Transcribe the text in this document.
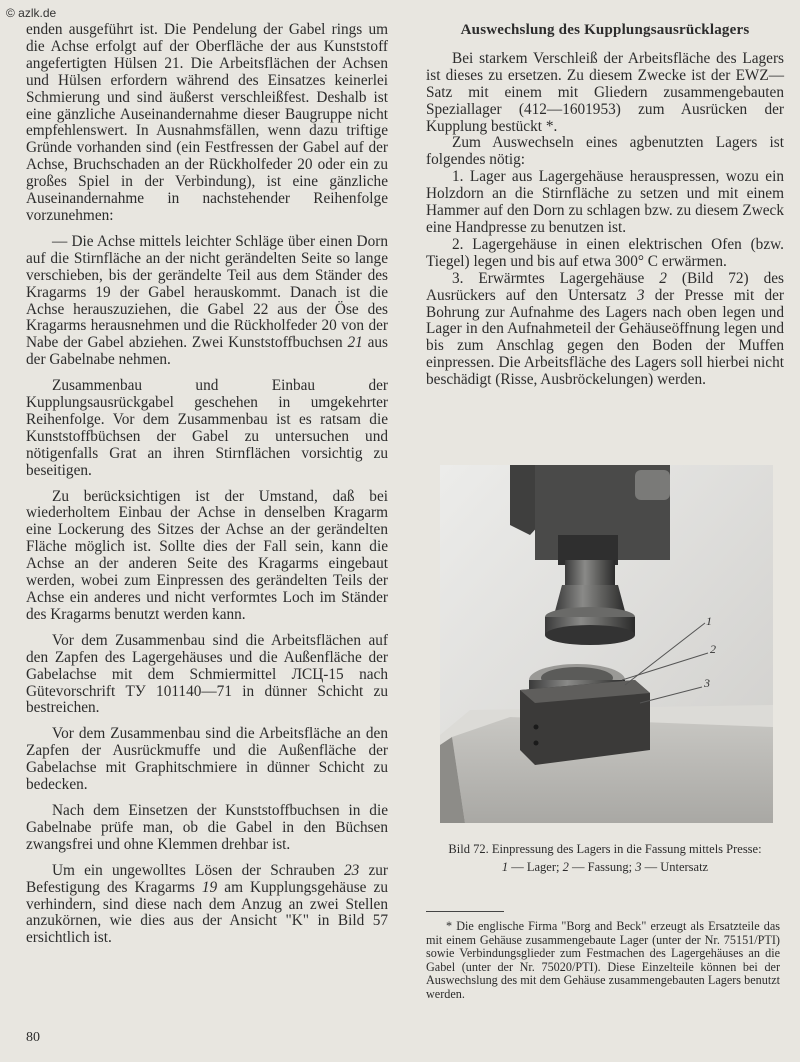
© azlk.de

enden ausgeführt ist. Die Pendelung der Gabel rings um die Achse erfolgt auf der Oberfläche der aus Kunststoff angefertigten Hülsen 21. Die Arbeitsflächen der Achsen und Hülsen erfordern während des Einsatzes keinerlei Schmierung und sind äußerst verschleißfest. Deshalb ist eine gänzliche Auseinandernahme dieser Baugruppe nicht empfehlenswert. In Ausnahmsfällen, wenn dazu triftige Gründe vorhanden sind (ein Festfressen der Gabel auf der Achse, Bruchschaden an der Rückholfeder 20 oder ein zu großes Spiel in der Verbindung), ist eine gänzliche Auseinandernahme in nachstehender Reihenfolge vorzunehmen:

— Die Achse mittels leichter Schläge über einen Dorn auf die Stirnfläche an der nicht gerändelten Seite so lange verschieben, bis der gerändelte Teil aus dem Ständer des Kragarms 19 der Gabel herauskommt. Danach ist die Achse herauszuziehen, die Gabel 22 aus der Öse des Kragarms herausnehmen und die Rückholfeder 20 von der Nabe der Gabel abziehen. Zwei Kunststoffbuchsen 21 aus der Gabelnabe nehmen.

Zusammenbau und Einbau der Kupplungsausrückgabel geschehen in umgekehrter Reihenfolge. Vor dem Zusammenbau ist es ratsam die Kunststoffbüchsen der Gabel zu untersuchen und nötigenfalls Grat an ihren Stirnflächen vorsichtig zu beseitigen.

Zu berücksichtigen ist der Umstand, daß bei wiederholtem Einbau der Achse in denselben Kragarm eine Lockerung des Sitzes der Achse an der gerändelten Fläche möglich ist. Sollte dies der Fall sein, kann die Achse an der anderen Seite des Kragarms eingebaut werden, wobei zum Einpressen des gerändelten Teils der Achse ein anderes und nicht verformtes Loch im Ständer des Kragarms benutzt werden kann.

Vor dem Zusammenbau sind die Arbeitsflächen auf den Zapfen des Lagergehäuses und die Außenfläche der Gabelachse mit dem Schmiermittel ЛСЦ-15 nach Gütevorschrift ТУ 101140—71 in dünner Schicht zu bestreichen.

Vor dem Zusammenbau sind die Arbeitsfläche an den Zapfen der Ausrückmuffe und die Außenfläche der Gabelachse mit Graphitschmiere in dünner Schicht zu bedecken.

Nach dem Einsetzen der Kunststoffbuchsen in die Gabelnabe prüfe man, ob die Gabel in den Büchsen zwangsfrei und ohne Klemmen drehbar ist.

Um ein ungewolltes Lösen der Schrauben 23 zur Befestigung des Kragarms 19 am Kupplungsgehäuse zu verhindern, sind diese nach dem Anzug an zwei Stellen anzukörnen, wie dies aus der Ansicht "K" in Bild 57 ersichtlich ist.

Auswechslung des Kupplungsausrücklagers

Bei starkem Verschleiß der Arbeitsfläche des Lagers ist dieses zu ersetzen. Zu diesem Zwecke ist der EWZ—Satz mit einem mit Gliedern zusammengebauten Speziallager (412—1601953) zum Ausrücken der Kupplung bestückt *.

Zum Auswechseln eines agbenutzten Lagers ist folgendes nötig:

1. Lager aus Lagergehäuse herauspressen, wozu ein Holzdorn an die Stirnfläche zu setzen und mit einem Hammer auf den Dorn zu schlagen bzw. zu diesem Zweck eine Handpresse zu benutzen ist.

2. Lagergehäuse in einen elektrischen Ofen (bzw. Tiegel) legen und bis auf etwa 300° C erwärmen.

3. Erwärmtes Lagergehäuse 2 (Bild 72) des Ausrückers auf den Untersatz 3 der Presse mit der Bohrung zur Aufnahme des Lagers nach oben legen und Lager in den Aufnahmeteil der Gehäuseöffnung legen und bis zum Anschlag gegen den Boden der Muffen einpressen. Die Arbeitsfläche des Lagers soll hierbei nicht beschädigt (Risse, Ausbröckelungen) werden.

1
2
3
Bild 72. Einpressung des Lagers in die Fassung mittels Presse:
1 — Lager; 2 — Fassung; 3 — Untersatz

* Die englische Firma "Borg and Beck" erzeugt als Ersatzteile das mit einem Gehäuse zusammengebaute Lager (unter der Nr. 75151/PTI) sowie Verbindungsglieder zum Festmachen des Lagergehäuses an die Gabel (unter der Nr. 75020/PTI). Diese Einzelteile können bei der Auswechslung des mit dem Gehäuse zusammengebauten Lagers benutzt werden.

80
